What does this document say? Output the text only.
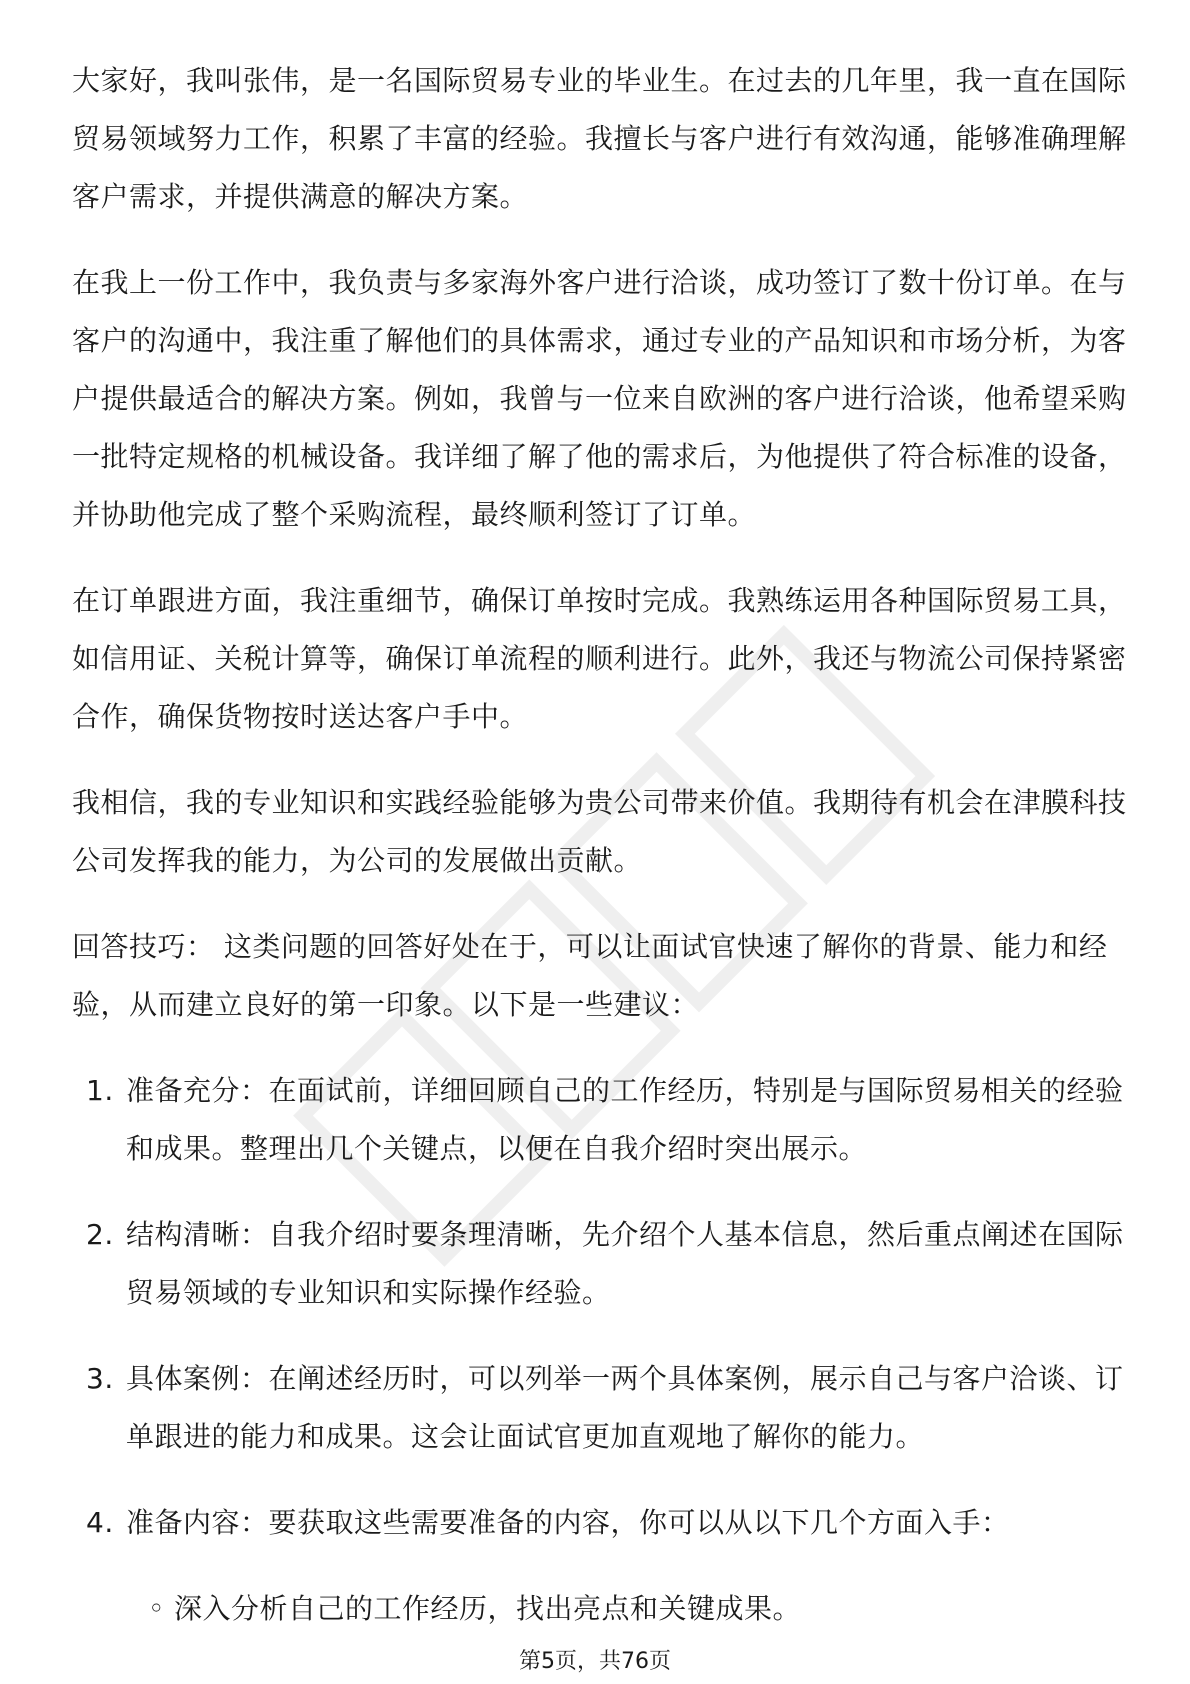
大家好，我叫张伟，是一名国际贸易专业的毕业生。在过去的几年里，我一直在国际贸易领域努力工作，积累了丰富的经验。我擅长与客户进行有效沟通，能够准确理解客户需求，并提供满意的解决方案。

在我上一份工作中，我负责与多家海外客户进行洽谈，成功签订了数十份订单。在与客户的沟通中，我注重了解他们的具体需求，通过专业的产品知识和市场分析，为客户提供最适合的解决方案。例如，我曾与一位来自欧洲的客户进行洽谈，他希望采购一批特定规格的机械设备。我详细了解了他的需求后，为他提供了符合标准的设备，并协助他完成了整个采购流程，最终顺利签订了订单。

在订单跟进方面，我注重细节，确保订单按时完成。我熟练运用各种国际贸易工具，如信用证、关税计算等，确保订单流程的顺利进行。此外，我还与物流公司保持紧密合作，确保货物按时送达客户手中。

我相信，我的专业知识和实践经验能够为贵公司带来价值。我期待有机会在津膜科技公司发挥我的能力，为公司的发展做出贡献。

回答技巧： 这类问题的回答好处在于，可以让面试官快速了解你的背景、能力和经验，从而建立良好的第一印象。以下是一些建议：

1. 准备充分：在面试前，详细回顾自己的工作经历，特别是与国际贸易相关的经验和成果。整理出几个关键点，以便在自我介绍时突出展示。
2. 结构清晰：自我介绍时要条理清晰，先介绍个人基本信息，然后重点阐述在国际贸易领域的专业知识和实际操作经验。
3. 具体案例：在阐述经历时，可以列举一两个具体案例，展示自己与客户洽谈、订单跟进的能力和成果。这会让面试官更加直观地了解你的能力。
4. 准备内容：要获取这些需要准备的内容，你可以从以下几个方面入手：
◦ 深入分析自己的工作经历，找出亮点和关键成果。
第5页，共76页
